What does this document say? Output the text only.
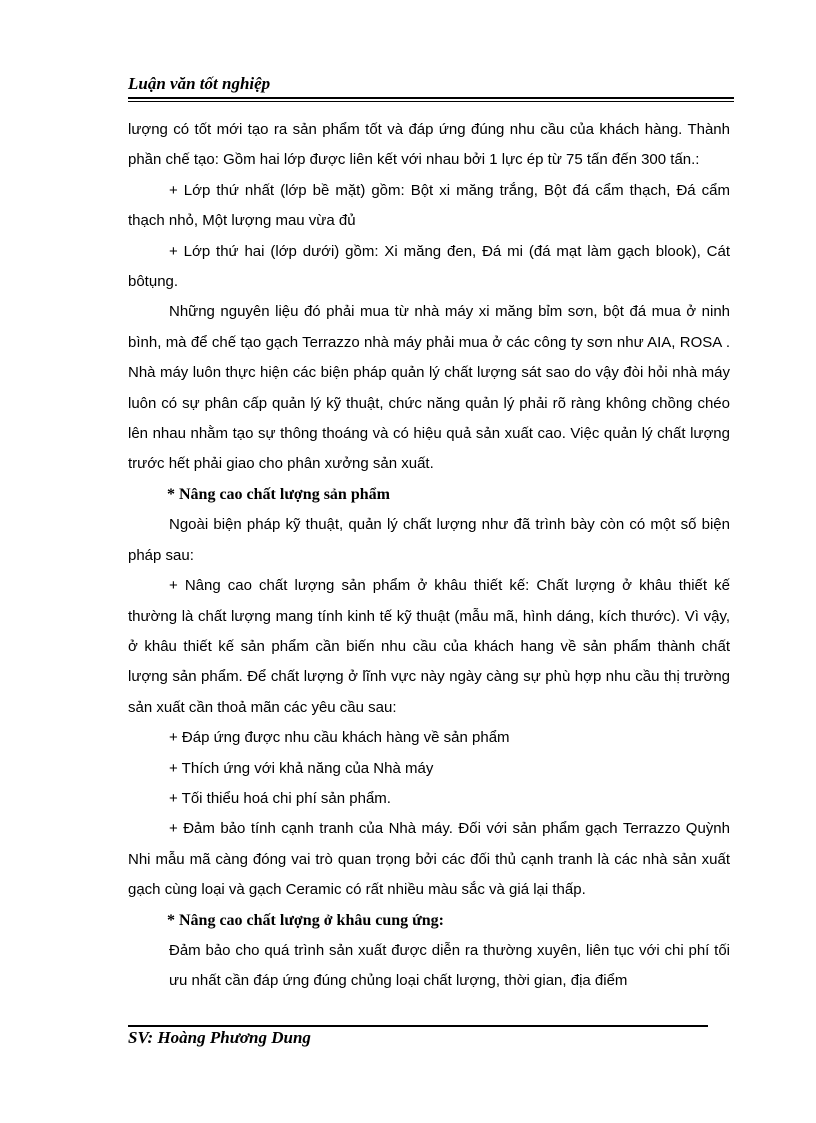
Luận văn tốt nghiệp

lượng có tốt mới tạo ra sản phẩm tốt và đáp ứng đúng nhu cầu của khách hàng. Thành phần chế tạo: Gồm hai lớp được liên kết với nhau bởi 1 lực ép từ 75 tấn đến 300 tấn.:

+ Lớp thứ nhất (lớp bề mặt) gồm: Bột xi măng trắng, Bột đá cẩm thạch, Đá cẩm thạch nhỏ, Một lượng mau vừa đủ

+ Lớp thứ hai (lớp dưới) gồm: Xi măng đen, Đá mi (đá mạt làm gạch blook), Cát bôtụng.

Những nguyên liệu đó phải mua từ nhà máy xi măng bỉm sơn, bột đá mua ở ninh bình, mà để chế tạo gạch Terrazzo nhà máy phải mua ở các công ty sơn như AIA, ROSA . Nhà máy luôn thực hiện các biện pháp quản lý chất lượng sát sao do vậy đòi hỏi nhà máy luôn có sự phân cấp quản lý kỹ thuật, chức năng quản lý phải rõ ràng không chồng chéo lên nhau nhằm tạo sự thông thoáng và có hiệu quả sản xuất cao. Việc quản lý chất lượng trước hết phải giao cho phân xưởng sản xuất.

* Nâng cao chất lượng sản phẩm

Ngoài biện pháp kỹ thuật, quản lý chất lượng như đã trình bày còn có một số biện pháp sau:

+ Nâng cao chất lượng sản phẩm ở khâu thiết kế: Chất lượng ở khâu thiết kế thường là chất lượng mang tính kinh tế kỹ thuật (mẫu mã, hình dáng, kích thước). Vì vậy, ở khâu thiết kế sản phẩm cần biến nhu cầu của khách hang về sản phẩm thành chất lượng sản phẩm. Để chất lượng ở lĩnh vực này ngày càng sự phù hợp nhu cầu thị trường sản xuất cần thoả mãn các yêu cầu sau:

+ Đáp ứng được nhu cầu khách hàng về sản phẩm

+ Thích ứng với khả năng của Nhà máy

+ Tối thiểu hoá chi phí sản phẩm.

+ Đảm bảo tính cạnh tranh của Nhà máy. Đối với sản phẩm gạch Terrazzo Quỳnh Nhi mẫu mã càng đóng vai trò quan trọng bởi các đối thủ cạnh tranh là các nhà sản xuất gạch cùng loại và gạch Ceramic có rất nhiều màu sắc và giá lại thấp.

* Nâng cao chất lượng ở khâu cung ứng:

Đảm bảo cho quá trình sản xuất được diễn ra thường xuyên, liên tục với chi phí tối ưu nhất cần đáp ứng đúng chủng loại chất lượng, thời gian, địa điểm

SV: Hoàng Phương Dung
